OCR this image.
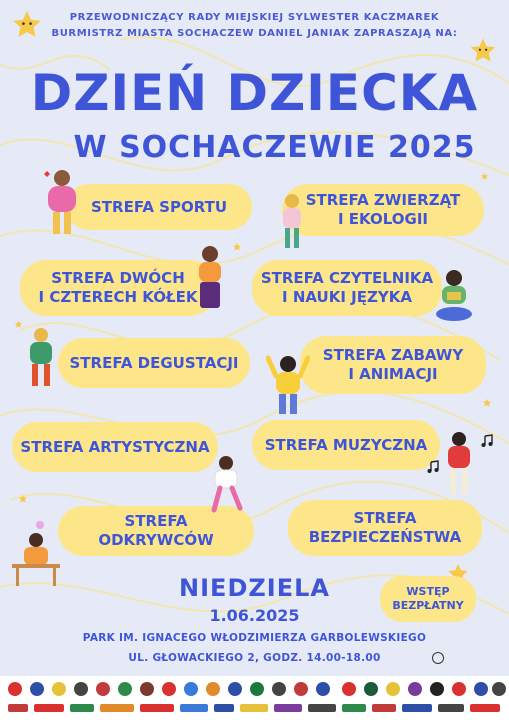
PRZEWODNICZĄCY RADY MIEJSKIEJ SYLWESTER KACZMAREK
BURMISTRZ MIASTA SOCHACZEW DANIEL JANIAK ZAPRASZAJĄ NA:
DZIEŃ DZIECKA
W SOCHACZEWIE 2025
STREFA SPORTU	STREFA ZWIERZĄT
I EKOLOGII
STREFA DWÓCH
I CZTERECH KÓŁEK
STREFA CZYTELNIKA
I NAUKI JĘZYKA
STREFA DEGUSTACJI	STREFA ZABAWY
I ANIMACJI
STREFA ARTYSTYCZNA	STREFA MUZYCZNA
STREFA ODKRYWCÓW
STREFA
BEZPIECZEŃSTWA
NIEDZIELA
1.06.2025
PARK IM. IGNACEGO WŁODZIMIERZA GARBOLEWSKIEGO
UL. GŁOWACKIEGO 2, GODZ. 14.00-18.00
WSTĘP
BEZPŁATNY
